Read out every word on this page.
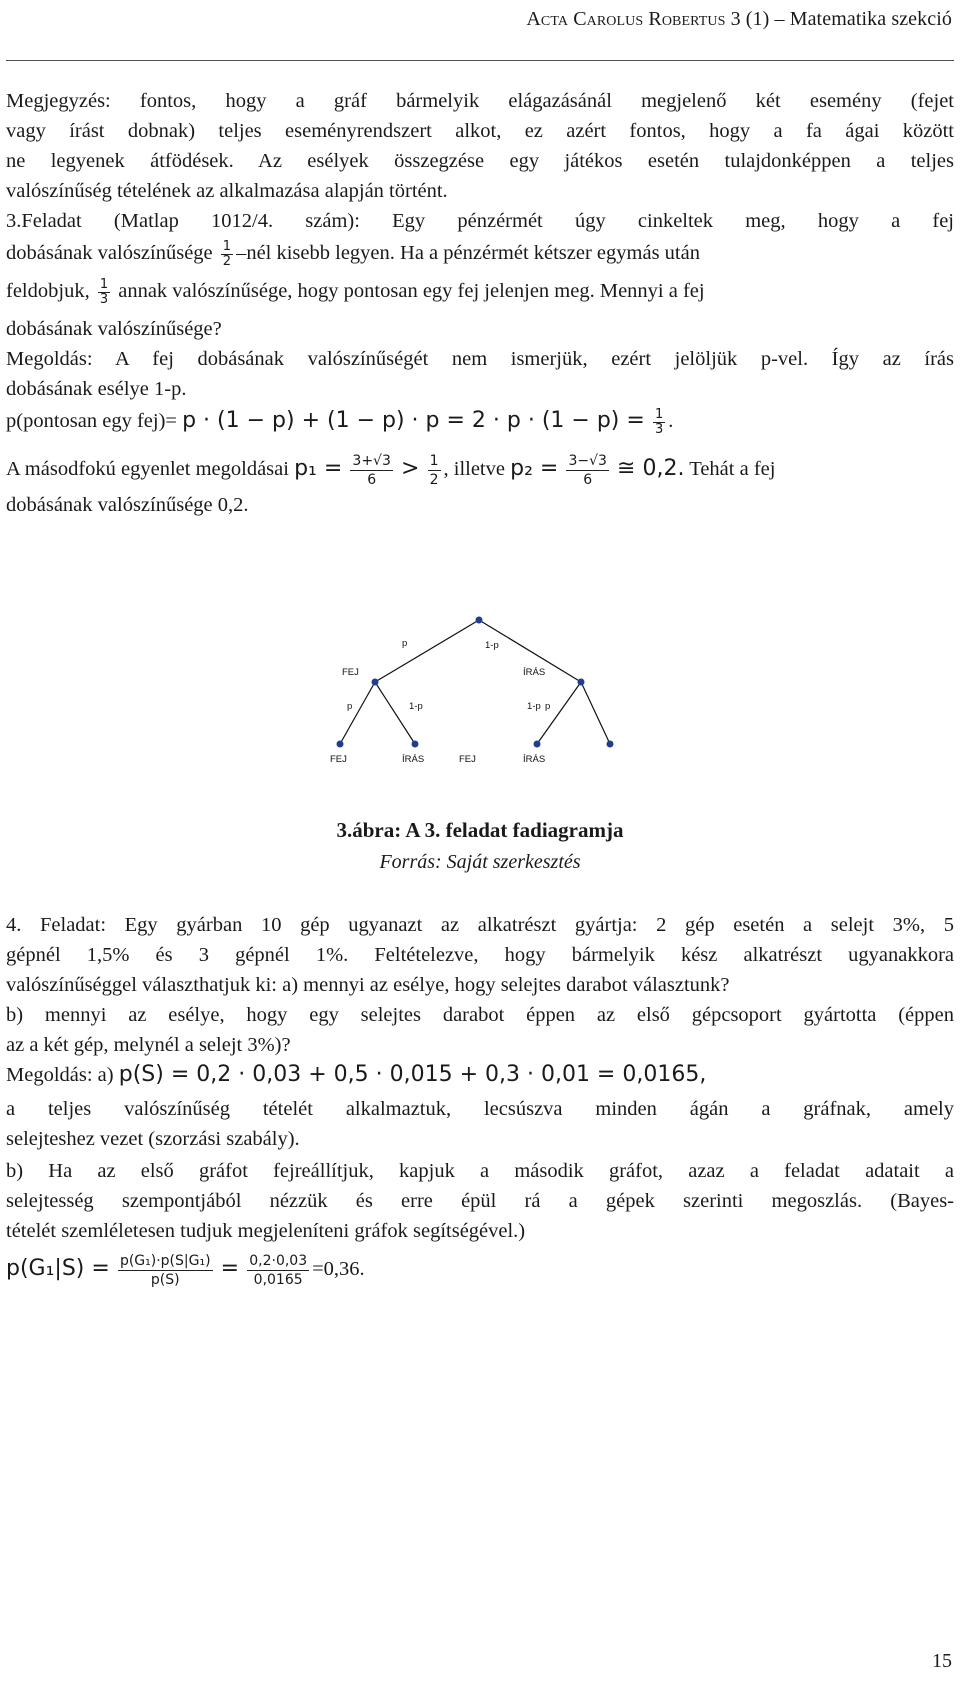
Acta Carolus Robertus 3 (1) – Matematika szekció
Megjegyzés: fontos, hogy a gráf bármelyik elágazásánál megjelenő két esemény (fejet
vagy írást dobnak) teljes eseményrendszert alkot, ez azért fontos, hogy a fa ágai között
ne legyenek átfödések. Az esélyek összegzése egy játékos esetén tulajdonképpen a teljes
valószínűség tételének az alkalmazása alapján történt.
3.Feladat (Matlap 1012/4. szám): Egy pénzérmét úgy cinkeltek meg, hogy a fej
dobásának valószínűsége $\frac{1}{2}$ –nél kisebb legyen. Ha a pénzérmét kétszer egymás után
feldobjuk, $\frac{1}{3}$ annak valószínűsége, hogy pontosan egy fej jelenjen meg. Mennyi a fej
dobásának valószínűsége?
Megoldás: A fej dobásának valószínűségét nem ismerjük, ezért jelöljük p-vel. Így az írás
dobásának esélye 1-p.
p(pontosan egy $fej)= p \cdot (1 - p) + (1 - p) \cdot p = 2 \cdot p \cdot (1 - p) = \frac{1}{3}$ .
A másodfokú egyenlet megoldásai $p_1 = \frac{3+√3}{6} > \frac{1}{2}$ , illetve $p_2 = \frac{3-√3}{6}$ ≅ 0,2. Tehát a fej
dobásának valószínűsége 0,2.
p	1-p
FEJ	ÍRÁS
p	1-p	p
1-p
FEJ	ÍRÁS	FEJ	ÍRÁS
3.ábra: A 3. feladat fadiagramja
Forrás: Saját szerkesztés
4. Feladat: Egy gyárban 10 gép ugyanazt az alkatrészt gyártja: 2 gép esetén a selejt 3%, 5
gépnél 1,5% és 3 gépnél 1%. Feltételezve, hogy bármelyik kész alkatrészt ugyanakkora
valószínűséggel választhatjuk ki: a) mennyi az esélye, hogy selejtes darabot választunk?
b) mennyi az esélye, hogy egy selejtes darabot éppen az első gépcsoport gyártotta (éppen
az a két gép, melynél a selejt 3%)?
Megoldás: a) p(S) = 0,2 · 0,03 + 0,5 · 0,015 + 0,3 · 0,01 = 0,0165,
a teljes valószínűség tételét alkalmaztuk, lecsúszva minden ágán a gráfnak, amely
selejteshez vezet (szorzási szabály).
b) Ha az első gráfot fejreállítjuk, kapjuk a második gráfot, azaz a feladat adatait a
selejtesség szempontjából nézzük és erre épül rá a gépek szerinti megoszlás. (Bayes-
tételét szemléletesen tudjuk megjeleníteni gráfok segítségével.)
$p(G_1|S) = \frac{\text{p(G₁)·p(S|G₁)}}{p(S)} = \frac{0,2\cdot 0,03}{0,0165} =0,36$.
15
